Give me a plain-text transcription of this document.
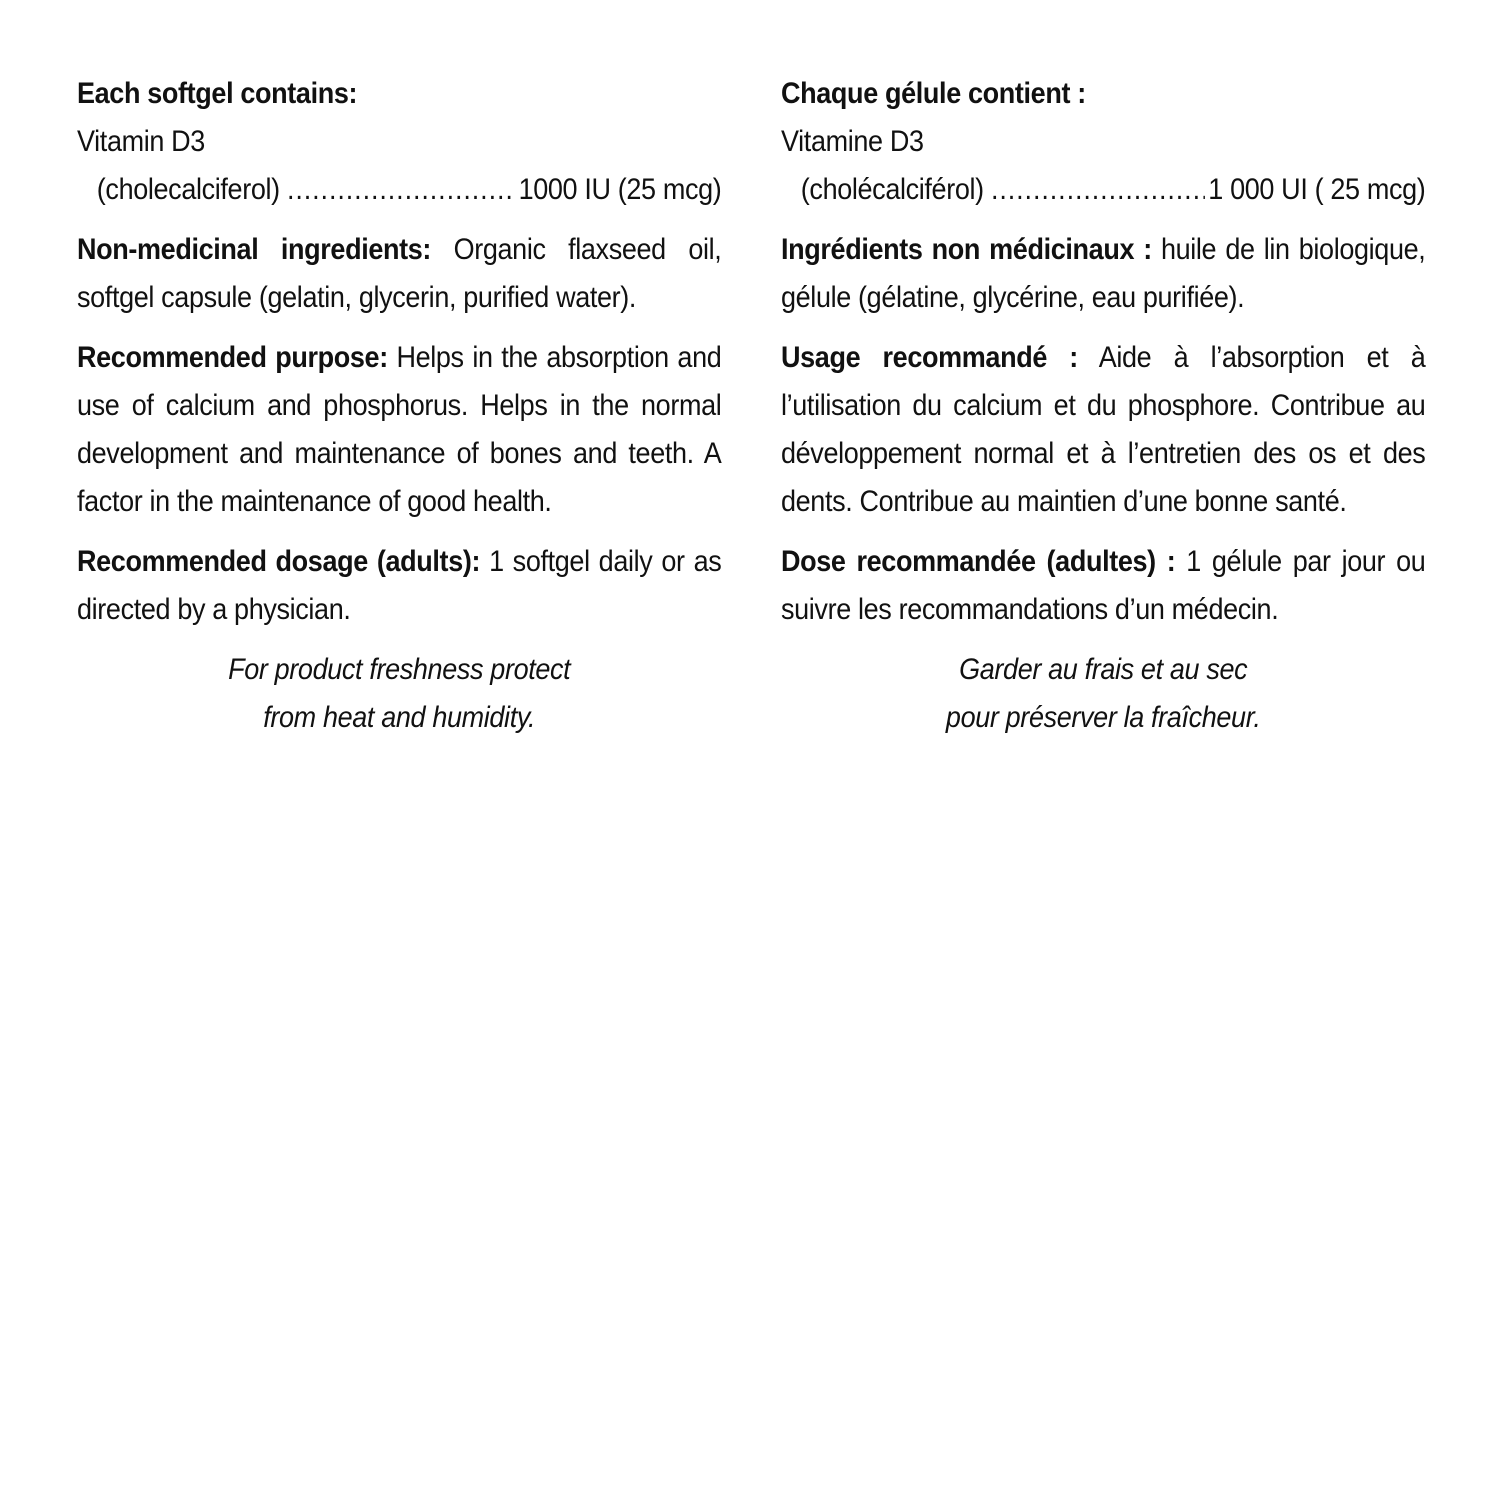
Each softgel contains:

Vitamin D3

(cholecalciferol) .....	1000 IU (25 mcg)

Non-medicinal ingredients: Organic flaxseed oil, softgel capsule (gelatin, glycerin, purified water).

Recommended purpose: Helps in the absorption and use of calcium and phosphorus. Helps in the normal development and maintenance of bones and teeth. A factor in the maintenance of good health.

Recommended dosage (adults): 1 softgel daily or as directed by a physician.

For product freshness protect
from heat and humidity.

Chaque gélule contient :

Vitamine D3

(cholécalciférol) .....	1 000 UI ( 25 mcg)

Ingrédients non médicinaux : huile de lin biologique, gélule (gélatine, glycérine, eau purifiée).

Usage recommandé : Aide à l’absorption et à l’utilisation du calcium et du phosphore. Contribue au développement normal et à l’entretien des os et des dents. Contribue au maintien d’une bonne santé.

Dose recommandée (adultes) : 1 gélule par jour ou suivre les recommandations d’un médecin.

Garder au frais et au sec
pour préserver la fraîcheur.
